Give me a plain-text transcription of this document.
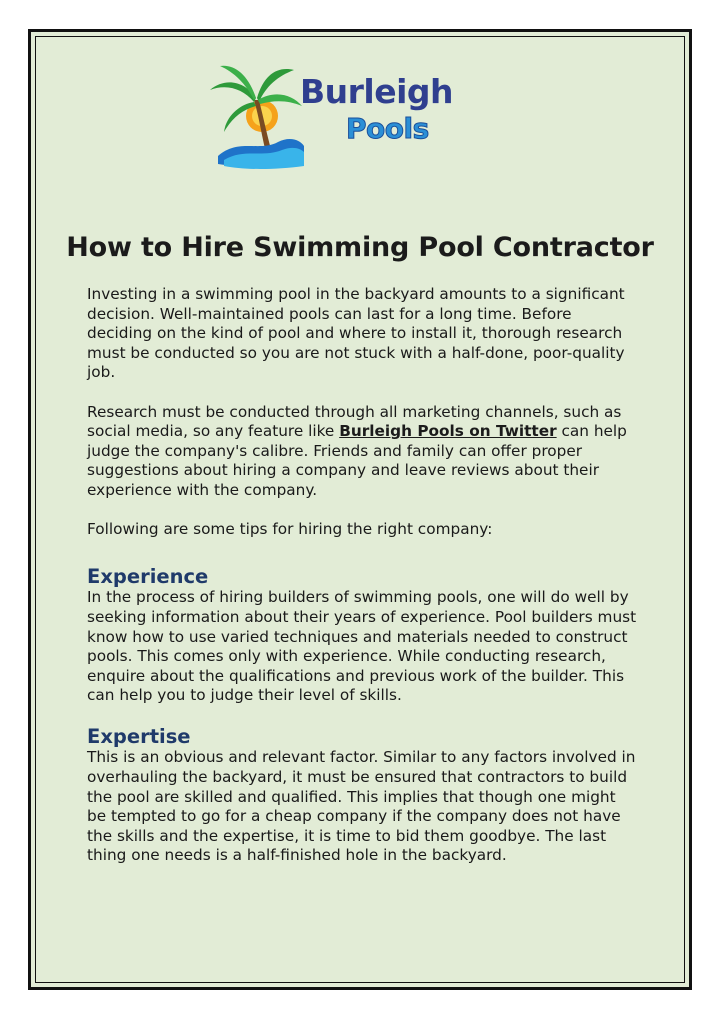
Burleigh
Pools
How to Hire Swimming Pool Contractor

Investing in a swimming pool in the backyard amounts to a significant decision. Well-maintained pools can last for a long time. Before deciding on the kind of pool and where to install it, thorough research must be conducted so you are not stuck with a half-done, poor-quality job.

Research must be conducted through all marketing channels, such as social media, so any feature like Burleigh Pools on Twitter can help judge the company's calibre. Friends and family can offer proper suggestions about hiring a company and leave reviews about their experience with the company.

Following are some tips for hiring the right company:

Experience

In the process of hiring builders of swimming pools, one will do well by seeking information about their years of experience. Pool builders must know how to use varied techniques and materials needed to construct pools. This comes only with experience. While conducting research, enquire about the qualifications and previous work of the builder. This can help you to judge their level of skills.

Expertise

This is an obvious and relevant factor. Similar to any factors involved in overhauling the backyard, it must be ensured that contractors to build the pool are skilled and qualified. This implies that though one might be tempted to go for a cheap company if the company does not have the skills and the expertise, it is time to bid them goodbye. The last thing one needs is a half-finished hole in the backyard.
